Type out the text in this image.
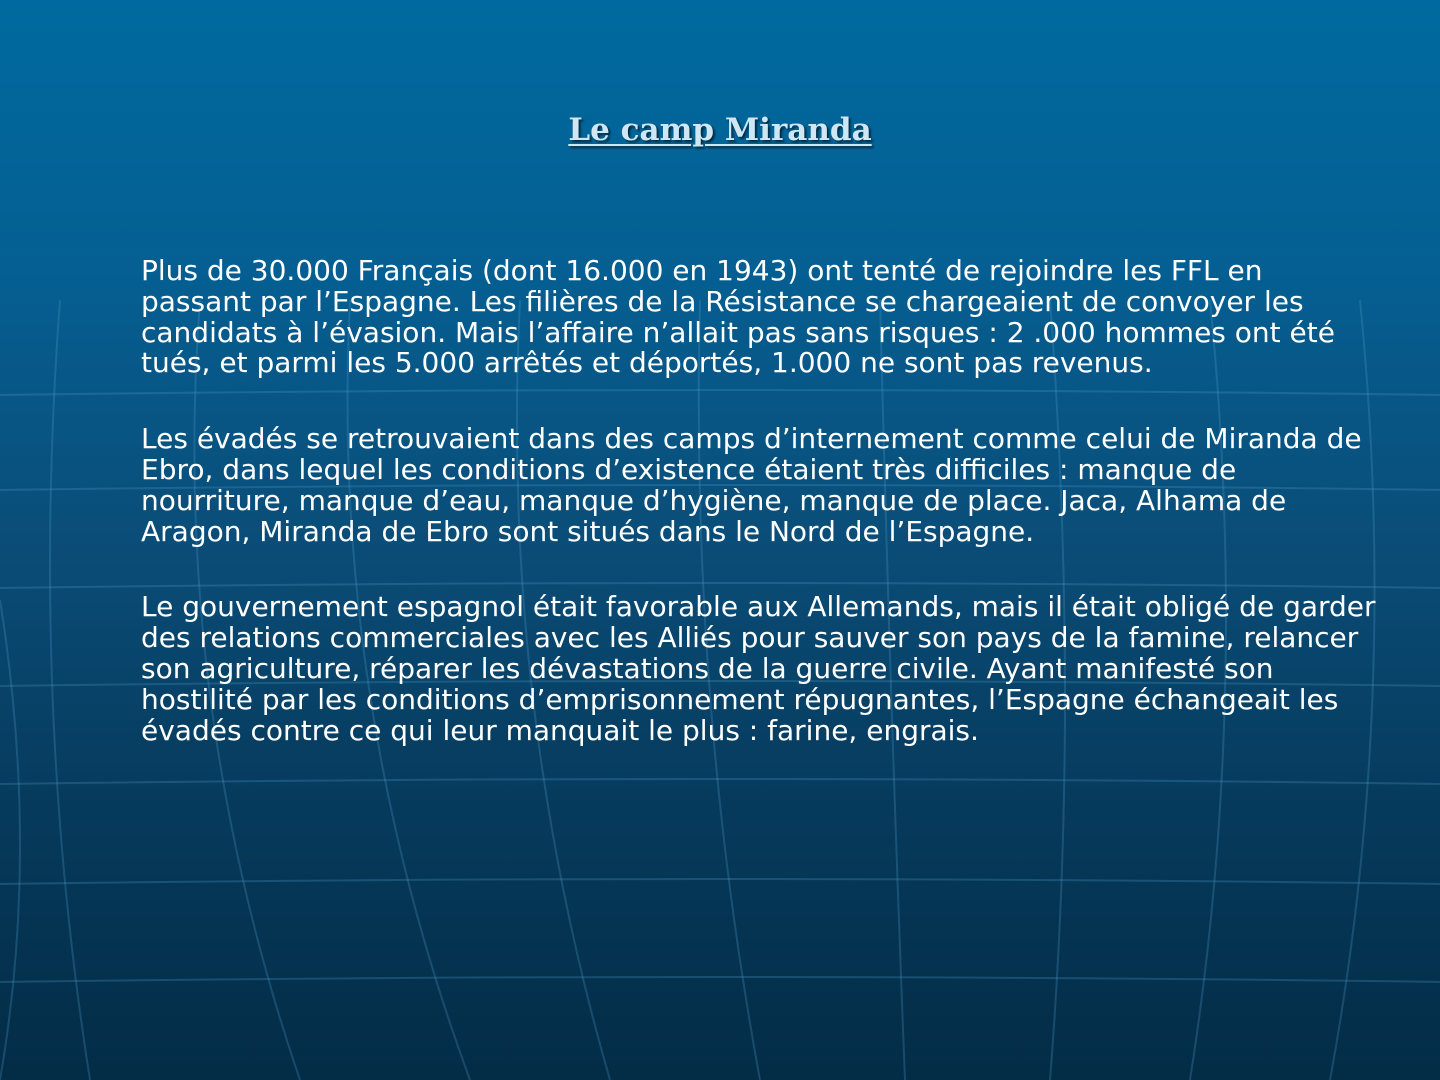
Le camp Miranda

Plus de 30.000 Français (dont 16.000 en 1943) ont tenté de rejoindre les FFL en passant par l’Espagne. Les filières de la Résistance se chargeaient de convoyer les candidats à l’évasion. Mais l’affaire n’allait pas sans risques : 2 .000 hommes ont été tués, et parmi les 5.000 arrêtés et déportés, 1.000 ne sont pas revenus.

Les évadés se retrouvaient dans des camps d’internement comme celui de Miranda de Ebro, dans lequel les conditions d’existence étaient très difficiles : manque de nourriture, manque d’eau, manque d’hygiène, manque de place. Jaca, Alhama de Aragon, Miranda de Ebro sont situés dans le Nord de l’Espagne.

Le gouvernement espagnol était favorable aux Allemands, mais il était obligé de garder des relations commerciales avec les Alliés pour sauver son pays de la famine, relancer son agriculture, réparer les dévastations de la guerre civile. Ayant manifesté son hostilité par les conditions d’emprisonnement répugnantes, l’Espagne échangeait les évadés contre ce qui leur manquait le plus : farine, engrais.
